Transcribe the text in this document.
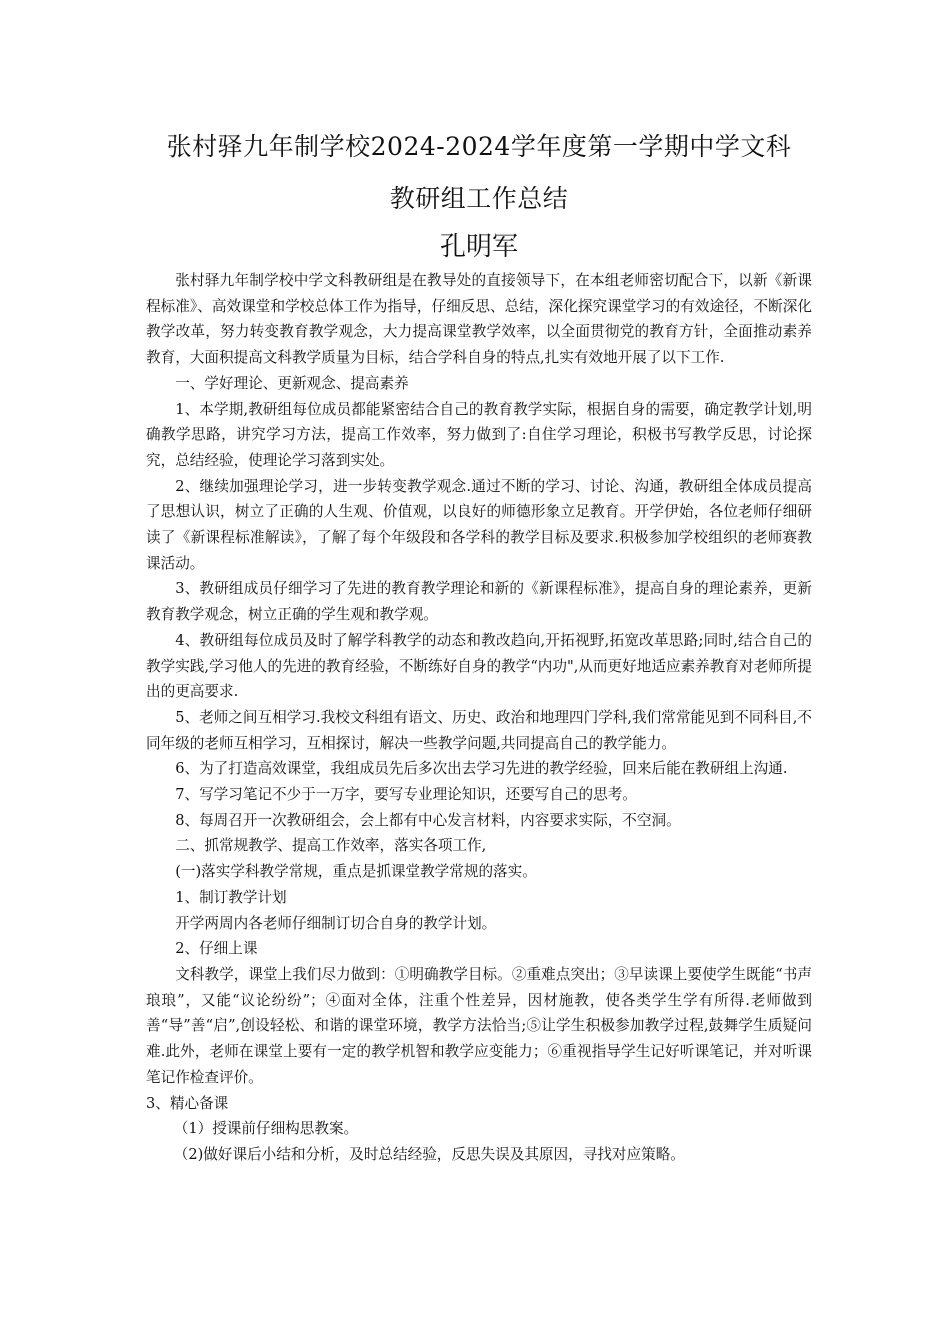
张村驿九年制学校2024-2024学年度第一学期中学文科
教研组工作总结
孔明军

张村驿九年制学校中学文科教研组是在教导处的直接领导下，在本组老师密切配合下，以新《新课程标准》、高效课堂和学校总体工作为指导，仔细反思、总结，深化探究课堂学习的有效途径，不断深化教学改革，努力转变教育教学观念，大力提高课堂教学效率，以全面贯彻党的教育方针，全面推动素养教育，大面积提高文科教学质量为目标，结合学科自身的特点,扎实有效地开展了以下工作.

一、学好理论、更新观念、提高素养

1、本学期,教研组每位成员都能紧密结合自己的教育教学实际，根据自身的需要，确定教学计划,明确教学思路，讲究学习方法，提高工作效率，努力做到了:自住学习理论，积极书写教学反思，讨论探究，总结经验，使理论学习落到实处。

2、继续加强理论学习，进一步转变教学观念.通过不断的学习、讨论、沟通，教研组全体成员提高了思想认识，树立了正确的人生观、价值观，以良好的师德形象立足教育。开学伊始，各位老师仔细研读了《新课程标准解读》，了解了每个年级段和各学科的教学目标及要求.积极参加学校组织的老师赛教课活动。

3、教研组成员仔细学习了先进的教育教学理论和新的《新课程标准》，提高自身的理论素养，更新教育教学观念，树立正确的学生观和教学观。

4、教研组每位成员及时了解学科教学的动态和教改趋向,开拓视野,拓宽改革思路;同时,结合自己的教学实践,学习他人的先进的教育经验，不断练好自身的教学“内功",从而更好地适应素养教育对老师所提出的更高要求.

5、老师之间互相学习.我校文科组有语文、历史、政治和地理四门学科,我们常常能见到不同科目,不同年级的老师互相学习，互相探讨，解决一些教学问题,共同提高自己的教学能力。

6、为了打造高效课堂，我组成员先后多次出去学习先进的教学经验，回来后能在教研组上沟通.

7、写学习笔记不少于一万字，要写专业理论知识，还要写自己的思考。

8、每周召开一次教研组会，会上都有中心发言材料，内容要求实际，不空洞。

二、抓常规教学、提高工作效率，落实各项工作,

(一)落实学科教学常规，重点是抓课堂教学常规的落实。

1、制订教学计划

开学两周内各老师仔细制订切合自身的教学计划。

2、仔细上课

文科教学，课堂上我们尽力做到：①明确教学目标。②重难点突出；③早读课上要使学生既能“书声琅琅”，又能“议论纷纷”；④面对全体，注重个性差异，因材施教，使各类学生学有所得.老师做到善“导”善“启”,创设轻松、和谐的课堂环境，教学方法恰当;⑤让学生积极参加教学过程,鼓舞学生质疑问难.此外，老师在课堂上要有一定的教学机智和教学应变能力；⑥重视指导学生记好听课笔记，并对听课笔记作检查评价。

3、精心备课

（1）授课前仔细构思教案。

（2)做好课后小结和分析，及时总结经验，反思失误及其原因，寻找对应策略。
